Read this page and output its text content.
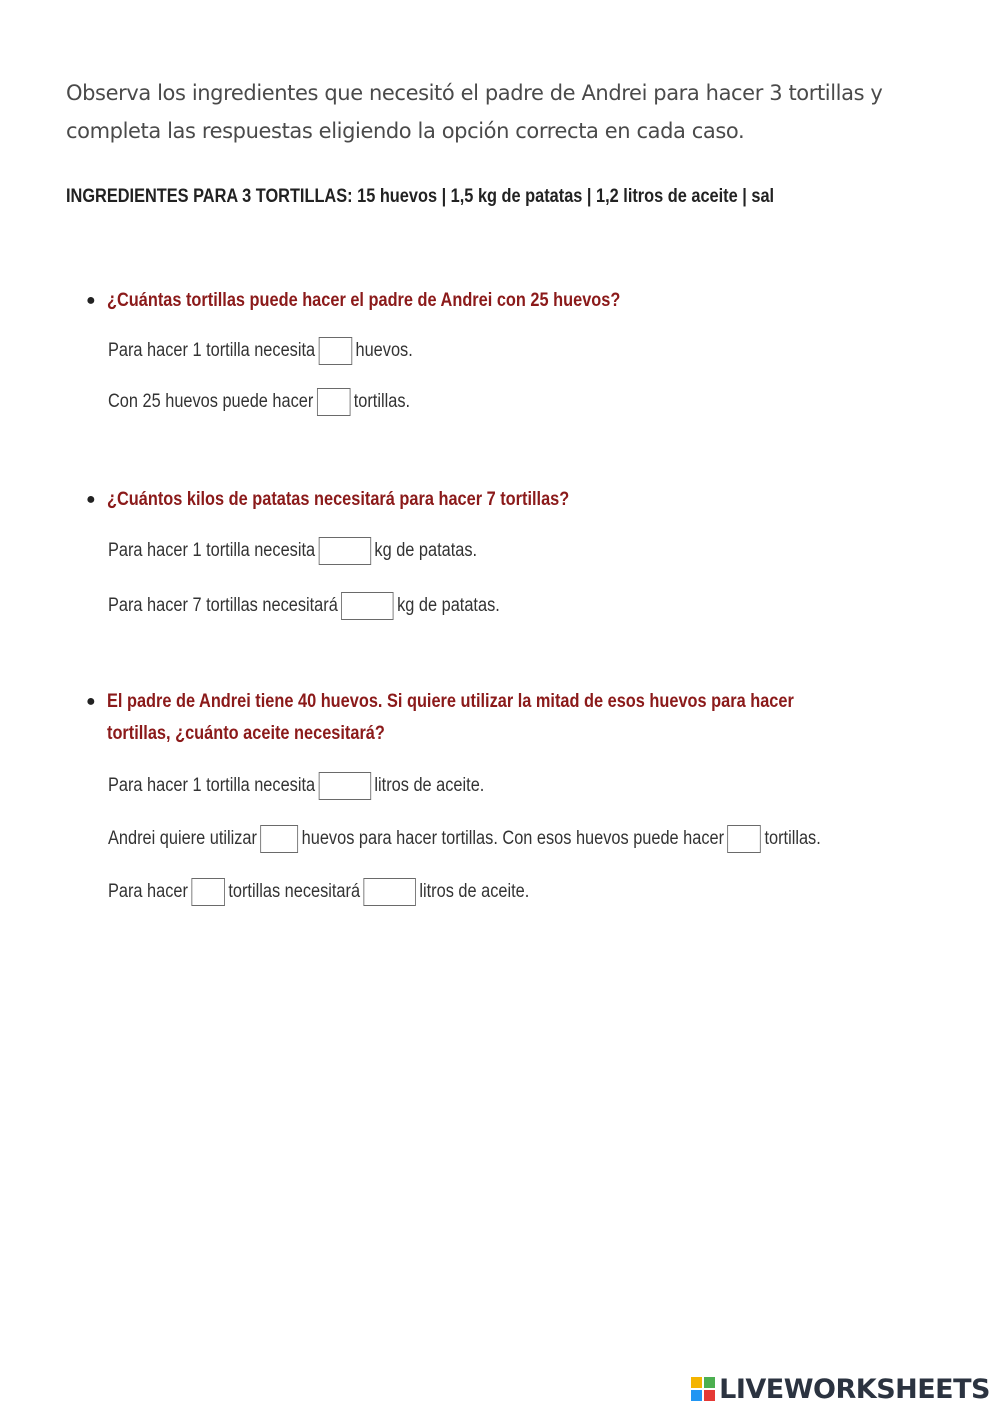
Observa los ingredientes que necesitó el padre de Andrei para hacer 3 tortillas y completa las respuestas eligiendo la opción correcta en cada caso.
INGREDIENTES PARA 3 TORTILLAS: 15 huevos | 1,5 kg de patatas | 1,2 litros de aceite | sal
● ¿Cuántas tortillas puede hacer el padre de Andrei con 25 huevos?
Para hacer 1 tortilla necesita huevos.
Con 25 huevos puede hacer tortillas.
● ¿Cuántos kilos de patatas necesitará para hacer 7 tortillas?
Para hacer 1 tortilla necesita	kg de patatas.
Para hacer 7 tortillas necesitará	kg de patatas.
● El padre de Andrei tiene 40 huevos. Si quiere utilizar la mitad de esos huevos para hacer tortillas, ¿cuánto aceite necesitará?
Para hacer 1 tortilla necesita	litros de aceite.
Andrei quiere utilizar huevos para hacer tortillas. Con esos huevos puede hacer tortillas.
Para hacer tortillas necesitará	litros de aceite.
LIVEWORKSHEETS
